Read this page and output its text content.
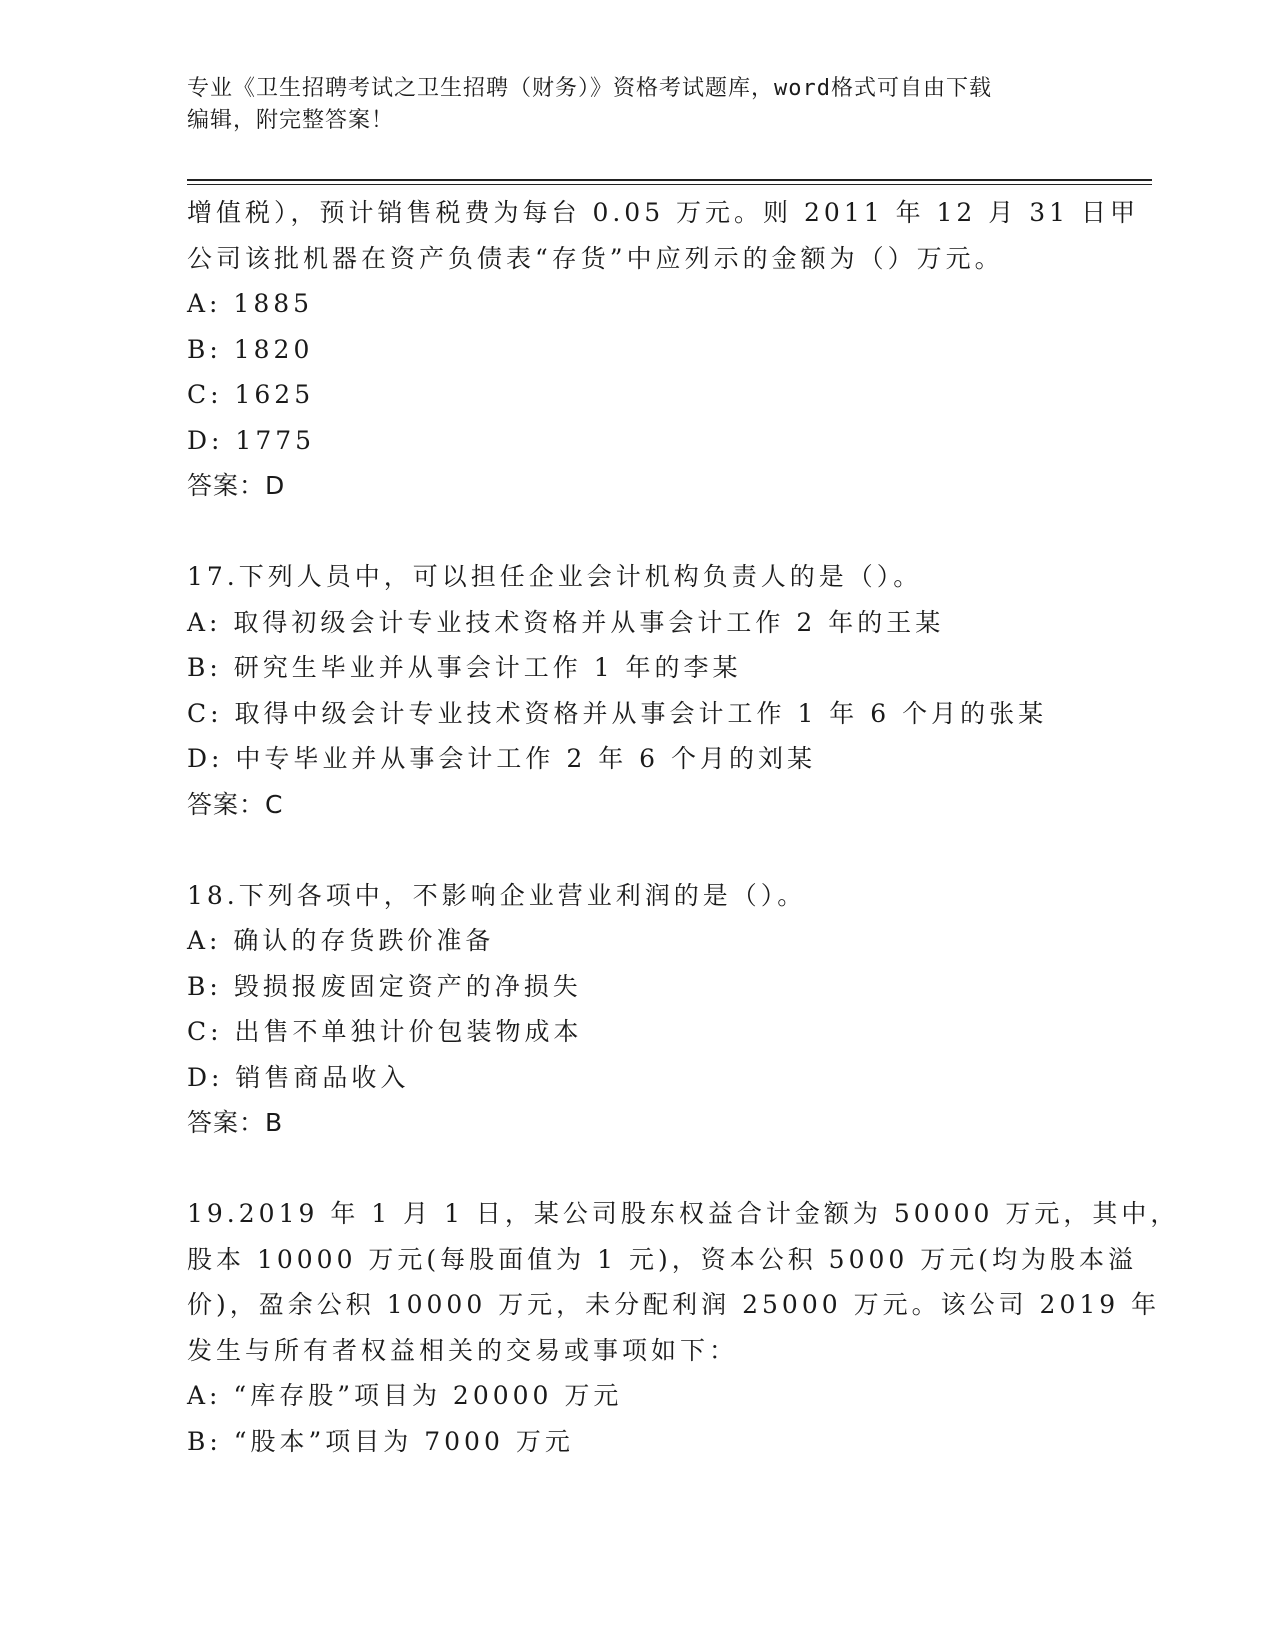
专业《卫生招聘考试之卫生招聘（财务）》资格考试题库，word格式可自由下载
编辑，附完整答案！
增值税），预计销售税费为每台 0.05 万元。则 2011 年 12 月 31 日甲
公司该批机器在资产负债表“存货”中应列示的金额为（）万元。
A: 1885
B: 1820
C: 1625
D: 1775
答案：D
17.下列人员中，可以担任企业会计机构负责人的是（）。
A: 取得初级会计专业技术资格并从事会计工作 2 年的王某
B: 研究生毕业并从事会计工作 1 年的李某
C: 取得中级会计专业技术资格并从事会计工作 1 年 6 个月的张某
D: 中专毕业并从事会计工作 2 年 6 个月的刘某
答案：C
18.下列各项中，不影响企业营业利润的是（）。
A: 确认的存货跌价准备
B: 毁损报废固定资产的净损失
C: 出售不单独计价包装物成本
D: 销售商品收入
答案：B
19.2019 年 1 月 1 日，某公司股东权益合计金额为 50000 万元，其中，
股本 10000 万元(每股面值为 1 元)，资本公积 5000 万元(均为股本溢
价)，盈余公积 10000 万元，未分配利润 25000 万元。该公司 2019 年
发生与所有者权益相关的交易或事项如下：
A: “库存股”项目为 20000 万元
B: “股本”项目为 7000 万元
